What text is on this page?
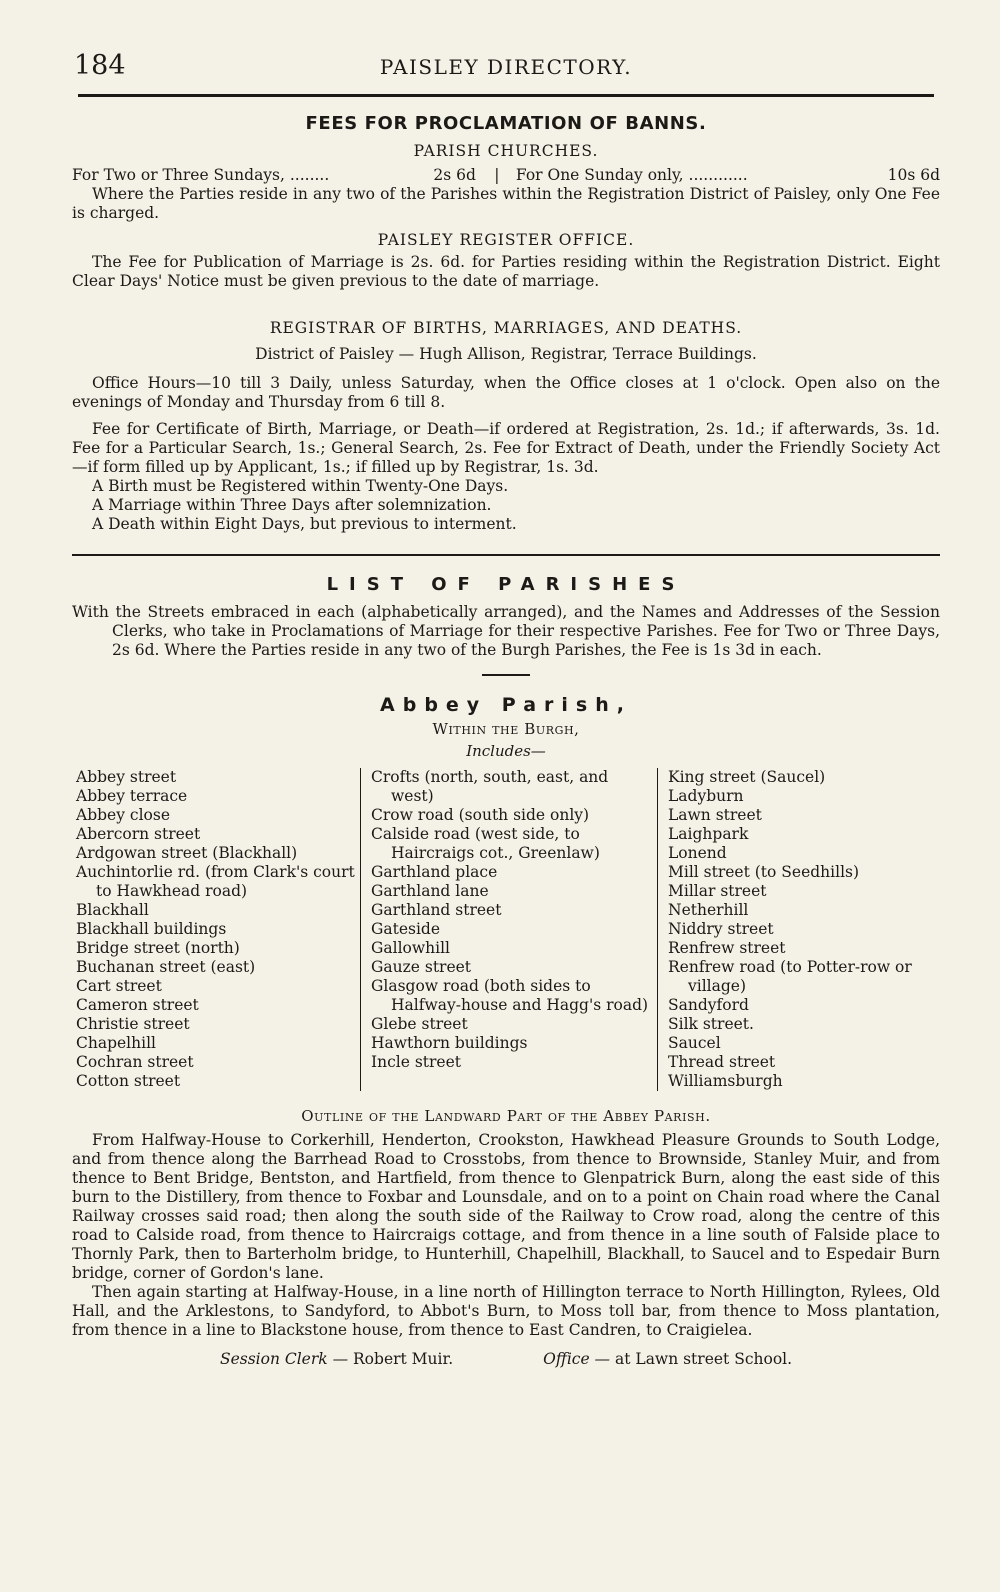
184	PAISLEY DIRECTORY.
FEES FOR PROCLAMATION OF BANNS.
PARISH CHURCHES.
For Two or Three Sundays, ........	2s 6d | For One Sunday only, ............	10s 6d
Where the Parties reside in any two of the Parishes within the Registration District of Paisley, only One Fee is charged.
PAISLEY REGISTER OFFICE.
The Fee for Publication of Marriage is 2s. 6d. for Parties residing within the Registration District. Eight Clear Days' Notice must be given previous to the date of marriage.
REGISTRAR OF BIRTHS, MARRIAGES, AND DEATHS.
District of Paisley — Hugh Allison, Registrar, Terrace Buildings.
Office Hours—10 till 3 Daily, unless Saturday, when the Office closes at 1 o'clock. Open also on the evenings of Monday and Thursday from 6 till 8.
Fee for Certificate of Birth, Marriage, or Death—if ordered at Registration, 2s. 1d.; if afterwards, 3s. 1d. Fee for a Particular Search, 1s.; General Search, 2s. Fee for Extract of Death, under the Friendly Society Act—if form filled up by Applicant, 1s.; if filled up by Registrar, 1s. 3d.
A Birth must be Registered within Twenty-One Days.
A Marriage within Three Days after solemnization.
A Death within Eight Days, but previous to interment.
LIST OF PARISHES
With the Streets embraced in each (alphabetically arranged), and the Names and Addresses of the Session Clerks, who take in Proclamations of Marriage for their respective Parishes. Fee for Two or Three Days, 2s 6d. Where the Parties reside in any two of the Burgh Parishes, the Fee is 1s 3d in each.
Abbey Parish,
Within the Burgh,
Includes—
Abbey street
Abbey terrace
Abbey close
Abercorn street
Ardgowan street (Blackhall)
Auchintorlie rd. (from Clark's court to Hawkhead road)
Blackhall
Blackhall buildings
Bridge street (north)
Buchanan street (east)
Cart street
Cameron street
Christie street
Chapelhill
Cochran street
Cotton street
Crofts (north, south, east, and west)
Crow road (south side only)
Calside road (west side, to Haircraigs cot., Greenlaw)
Garthland place
Garthland lane
Garthland street
Gateside
Gallowhill
Gauze street
Glasgow road (both sides to Halfway-house and Hagg's road)
Glebe street
Hawthorn buildings
Incle street
King street (Saucel)
Ladyburn
Lawn street
Laighpark
Lonend
Mill street (to Seedhills)
Millar street
Netherhill
Niddry street
Renfrew street
Renfrew road (to Potter-row or village)
Sandyford
Silk street.
Saucel
Thread street
Williamsburgh
Outline of the Landward Part of the Abbey Parish.
From Halfway-House to Corkerhill, Henderton, Crookston, Hawkhead Pleasure Grounds to South Lodge, and from thence along the Barrhead Road to Crosstobs, from thence to Brownside, Stanley Muir, and from thence to Bent Bridge, Bentston, and Hartfield, from thence to Glenpatrick Burn, along the east side of this burn to the Distillery, from thence to Foxbar and Lounsdale, and on to a point on Chain road where the Canal Railway crosses said road; then along the south side of the Railway to Crow road, along the centre of this road to Calside road, from thence to Haircraigs cottage, and from thence in a line south of Falside place to Thornly Park, then to Barterholm bridge, to Hunterhill, Chapelhill, Blackhall, to Saucel and to Espedair Burn bridge, corner of Gordon's lane.
Then again starting at Halfway-House, in a line north of Hillington terrace to North Hillington, Rylees, Old Hall, and the Arklestons, to Sandyford, to Abbot's Burn, to Moss toll bar, from thence to Moss plantation, from thence in a line to Blackstone house, from thence to East Candren, to Craigielea.
Session Clerk — Robert Muir.	Office — at Lawn street School.
